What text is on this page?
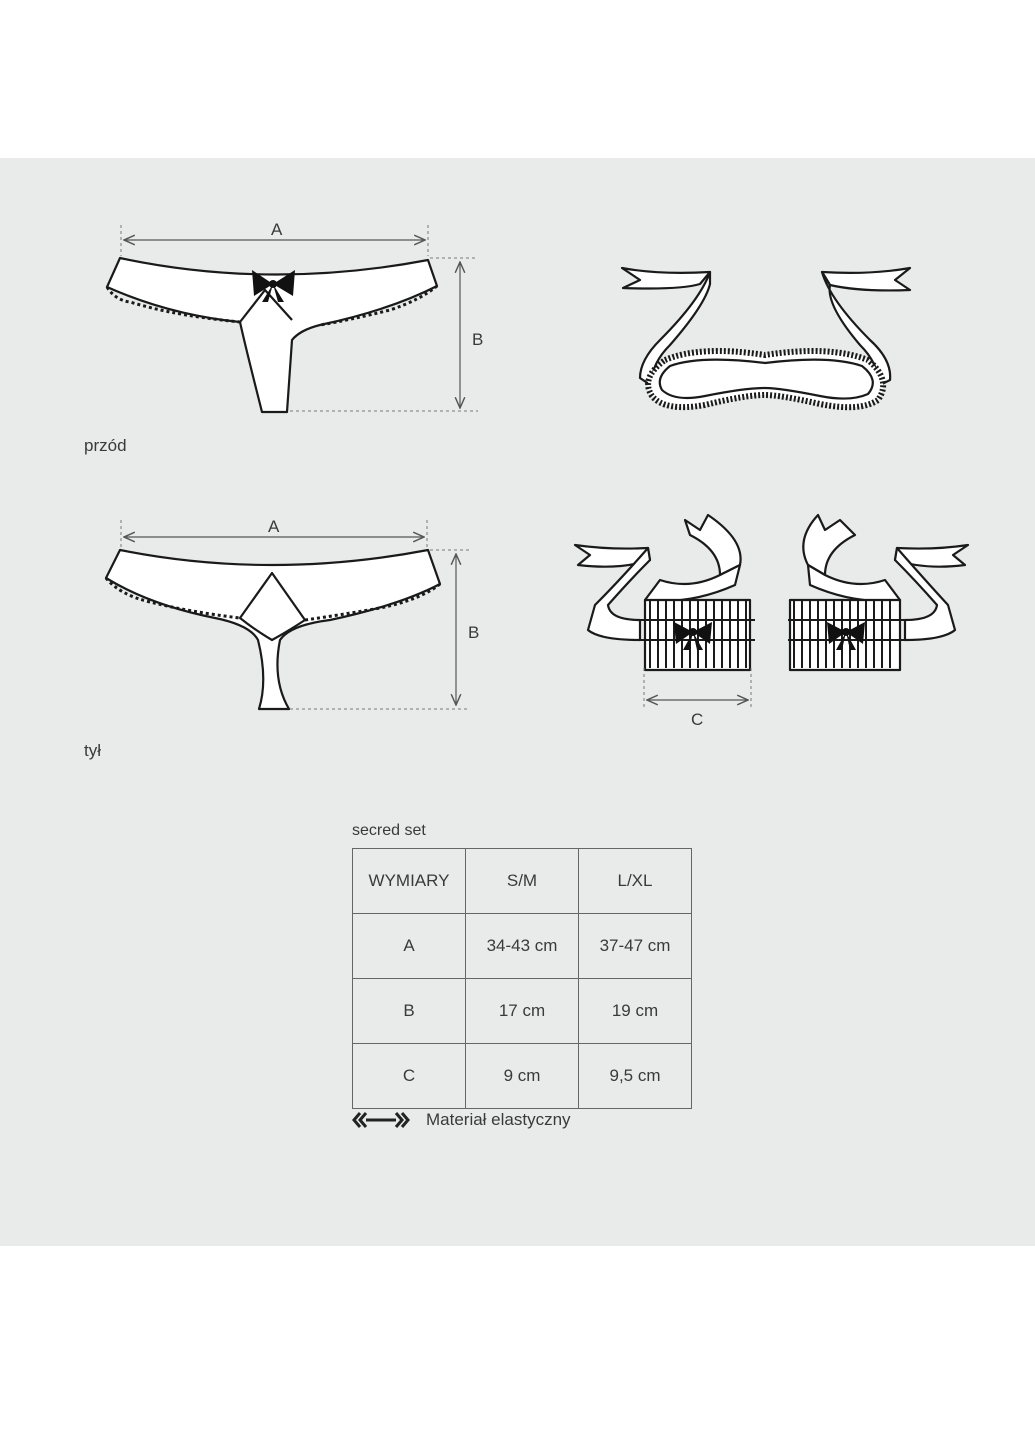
A
B
A
B
C
przód
tył
secred set
WYMIARY	S/M	L/XL
A	34-43 cm	37-47 cm
B	17 cm	19 cm
C	9 cm	9,5 cm
Materiał elastyczny
